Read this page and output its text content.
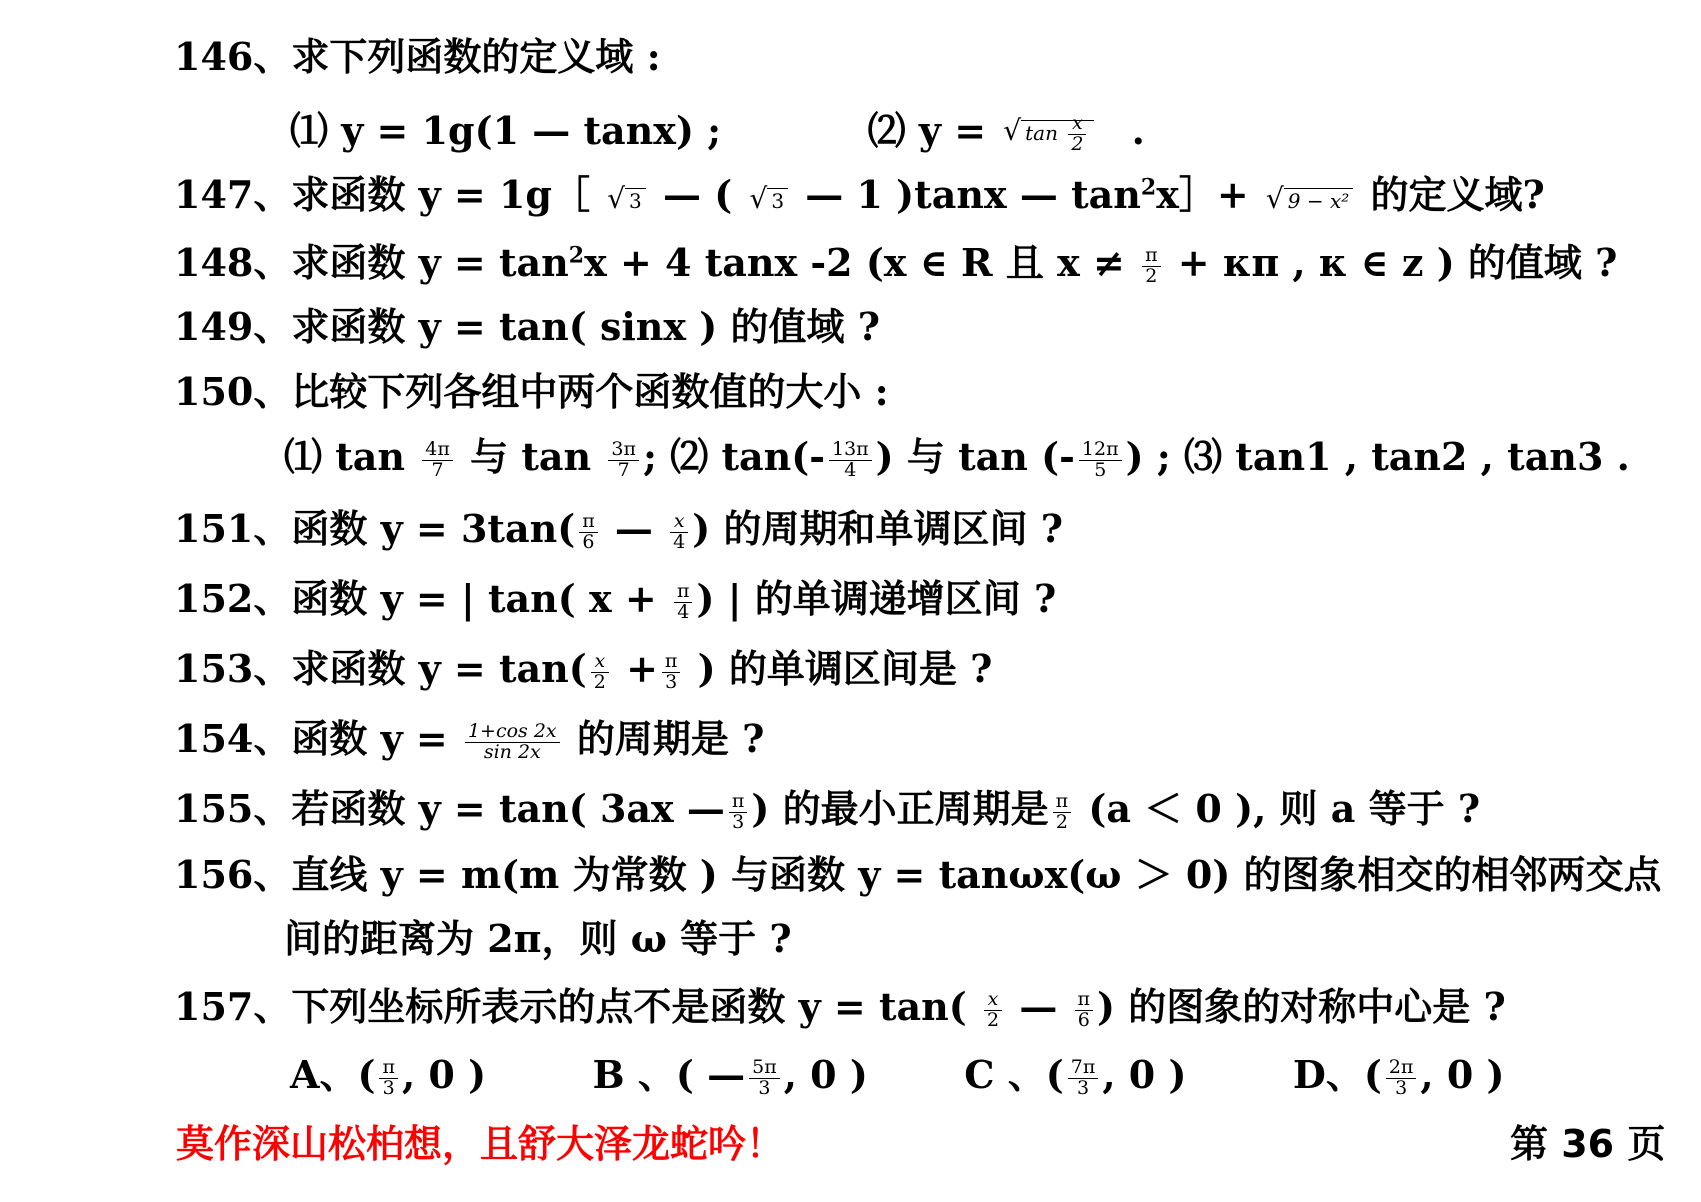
146、求下列函数的定义域 :
⑴ y = 1g(1 — tanx) ;	⑵ y = √ $\tan \frac{x}{2}$ .
147、求函数 y = 1g［ √ 3 — ( √ 3 — 1 )tanx — $\tan^2x]+$ √ 9 − x² 的定义域?
148、求函数 $y = \tan^2x + 4$ tanx -2 (x ∈ R 且 $x \ne \frac{\pi}{2} + \kappa\pi$ , κ ∈ z ) 的值域 ?
149、求函数 y = tan( sinx ) 的值域 ?
150、比较下列各组中两个函数值的大小 :
⑴ $\tan \frac{4\pi}{7}$ 与 $\tan \frac{3\pi}{7}$ ; ⑵ $\tan(- \frac{13\pi}{4}$ ) 与 tan (- $\frac{12\pi}{5}$ ) ; ⑶ tan1 , tan2 , tan3 .
151、函数 $y = 3\tan( \frac{\pi}{6}$ — $\frac{x}{4}$ ) 的周期和单调区间 ?
152、函数 y = | tan( $x + \frac{\pi}{4}$ ) | 的单调递增区间 ?
153、求函数 $y = \tan( \frac{x}{2} + \frac{\pi}{3}$ ) 的单调区间是 ?
154、函数 $y = \frac{1+\cos 2x}{\sin 2x}$ 的周期是 ?
155、若函数 y = tan( 3ax — $\frac{\pi}{3}$ ) 的最小正周期是 $\frac{\pi}{2} (a < 0$ ), 则 a 等于 ?
156、直线 y = m(m 为常数 ) 与函数 y = tanωx(ω ＞ 0) 的图象相交的相邻两交点
间的距离为 2π，则 ω 等于 ?
157、下列坐标所表示的点不是函数 $y = \tan( \frac{x}{2}$ — $\frac{\pi}{6}$ ) 的图象的对称中心是 ?
A、( $\frac{\pi}{3}$ , 0 )	B 、( — $\frac{5\pi}{3}$ , 0 )	C 、( $\frac{7\pi}{3}$ , 0 )	D、( $\frac{2\pi}{3}$ , 0 )
莫作深山松柏想，且舒大泽龙蛇吟！	第 36 页
